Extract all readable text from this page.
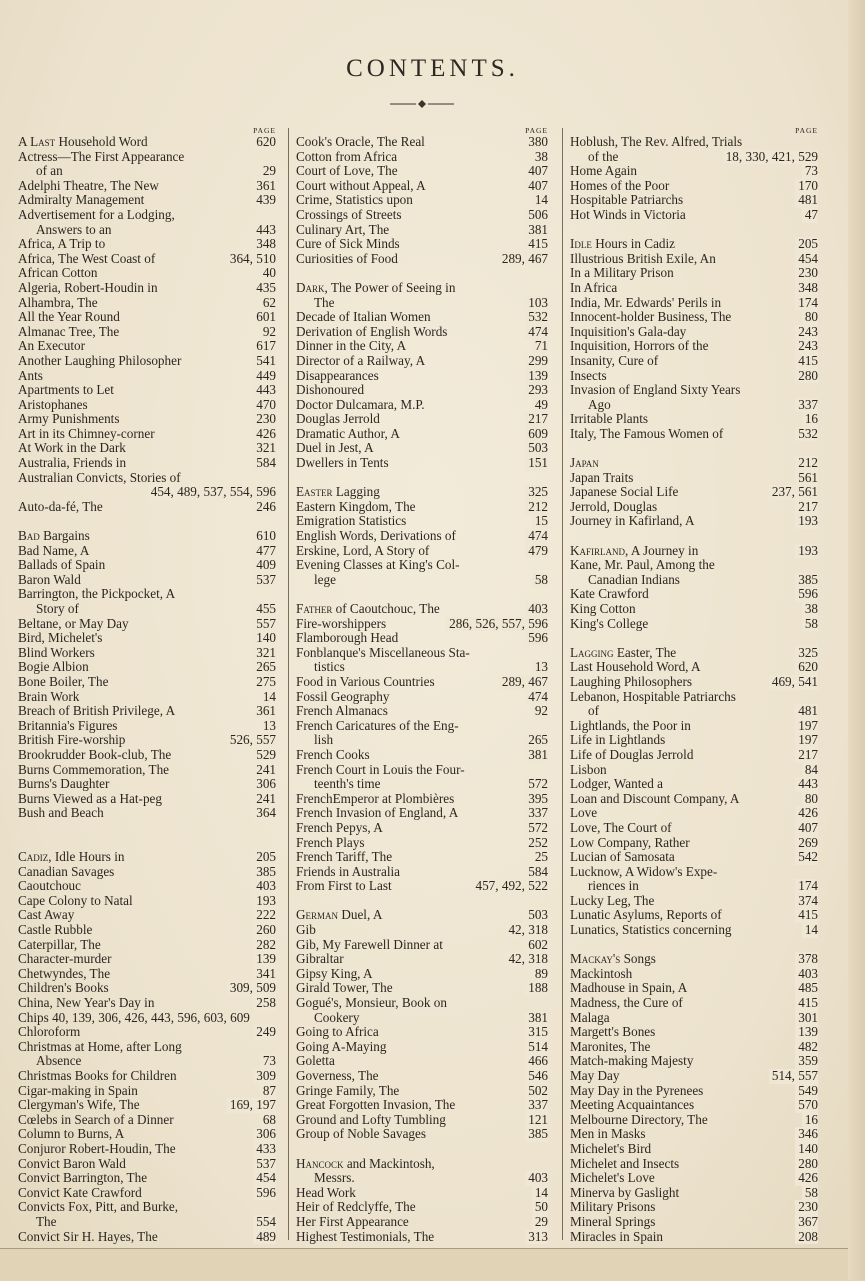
CONTENTS.
PAGE
A Last Household Word	620
Actress—The First Appearance
of an	29
Adelphi Theatre, The New	361
Admiralty Management	439
Advertisement for a Lodging,
Answers to an	443
Africa, A Trip to	348
Africa, The West Coast of	364, 510
African Cotton	40
Algeria, Robert-Houdin in	435
Alhambra, The	62
All the Year Round	601
Almanac Tree, The	92
An Executor	617
Another Laughing Philosopher	541
Ants	449
Apartments to Let	443
Aristophanes	470
Army Punishments	230
Art in its Chimney-corner	426
At Work in the Dark	321
Australia, Friends in	584
Australian Convicts, Stories of
454, 489, 537, 554, 596
Auto-da-fé, The	246
Bad Bargains	610
Bad Name, A	477
Ballads of Spain	409
Baron Wald	537
Barrington, the Pickpocket, A
Story of	455
Beltane, or May Day	557
Bird, Michelet's	140
Blind Workers	321
Bogie Albion	265
Bone Boiler, The	275
Brain Work	14
Breach of British Privilege, A	361
Britannia's Figures	13
British Fire-worship	526, 557
Brookrudder Book-club, The	529
Burns Commemoration, The	241
Burns's Daughter	306
Burns Viewed as a Hat-peg	241
Bush and Beach	364
Cadiz, Idle Hours in	205
Canadian Savages	385
Caoutchouc	403
Cape Colony to Natal	193
Cast Away	222
Castle Rubble	260
Caterpillar, The	282
Character-murder	139
Chetwyndes, The	341
Children's Books	309, 509
China, New Year's Day in	258
Chips 40, 139, 306, 426, 443, 596, 603, 609
Chloroform	249
Christmas at Home, after Long
Absence	73
Christmas Books for Children	309
Cigar-making in Spain	87
Clergyman's Wife, The	169, 197
Cœlebs in Search of a Dinner	68
Column to Burns, A	306
Conjuror Robert-Houdin, The	433
Convict Baron Wald	537
Convict Barrington, The	454
Convict Kate Crawford	596
Convicts Fox, Pitt, and Burke,
The	554
Convict Sir H. Hayes, The	489
PAGE
Cook's Oracle, The Real	380
Cotton from Africa	38
Court of Love, The	407
Court without Appeal, A	407
Crime, Statistics upon	14
Crossings of Streets	506
Culinary Art, The	381
Cure of Sick Minds	415
Curiosities of Food	289, 467
Dark, The Power of Seeing in
The	103
Decade of Italian Women	532
Derivation of English Words	474
Dinner in the City, A	71
Director of a Railway, A	299
Disappearances	139
Dishonoured	293
Doctor Dulcamara, M.P.	49
Douglas Jerrold	217
Dramatic Author, A	609
Duel in Jest, A	503
Dwellers in Tents	151
Easter Lagging	325
Eastern Kingdom, The	212
Emigration Statistics	15
English Words, Derivations of	474
Erskine, Lord, A Story of	479
Evening Classes at King's Col-
lege	58
Father of Caoutchouc, The	403
Fire-worshippers	286, 526, 557, 596
Flamborough Head	596
Fonblanque's Miscellaneous Sta-
tistics	13
Food in Various Countries	289, 467
Fossil Geography	474
French Almanacs	92
French Caricatures of the Eng-
lish	265
French Cooks	381
French Court in Louis the Four-
teenth's time	572
FrenchEmperor at Plombières	395
French Invasion of England, A	337
French Pepys, A	572
French Plays	252
French Tariff, The	25
Friends in Australia	584
From First to Last	457, 492, 522
German Duel, A	503
Gib	42, 318
Gib, My Farewell Dinner at	602
Gibraltar	42, 318
Gipsy King, A	89
Girald Tower, The	188
Gogué's, Monsieur, Book on
Cookery	381
Going to Africa	315
Going A-Maying	514
Goletta	466
Governess, The	546
Gringe Family, The	502
Great Forgotten Invasion, The	337
Ground and Lofty Tumbling	121
Group of Noble Savages	385
Hancock and Mackintosh,
Messrs.	403
Head Work	14
Heir of Redclyffe, The	50
Her First Appearance	29
Highest Testimonials, The	313
PAGE
Hoblush, The Rev. Alfred, Trials
of the	18, 330, 421, 529
Home Again	73
Homes of the Poor	170
Hospitable Patriarchs	481
Hot Winds in Victoria	47
Idle Hours in Cadiz	205
Illustrious British Exile, An	454
In a Military Prison	230
In Africa	348
India, Mr. Edwards' Perils in	174
Innocent-holder Business, The	80
Inquisition's Gala-day	243
Inquisition, Horrors of the	243
Insanity, Cure of	415
Insects	280
Invasion of England Sixty Years
Ago	337
Irritable Plants	16
Italy, The Famous Women of	532
Japan	212
Japan Traits	561
Japanese Social Life	237, 561
Jerrold, Douglas	217
Journey in Kafirland, A	193
Kafirland, A Journey in	193
Kane, Mr. Paul, Among the
Canadian Indians	385
Kate Crawford	596
King Cotton	38
King's College	58
Lagging Easter, The	325
Last Household Word, A	620
Laughing Philosophers	469, 541
Lebanon, Hospitable Patriarchs
of	481
Lightlands, the Poor in	197
Life in Lightlands	197
Life of Douglas Jerrold	217
Lisbon	84
Lodger, Wanted a	443
Loan and Discount Company, A	80
Love	426
Love, The Court of	407
Low Company, Rather	269
Lucian of Samosata	542
Lucknow, A Widow's Expe-
riences in	174
Lucky Leg, The	374
Lunatic Asylums, Reports of	415
Lunatics, Statistics concerning	14
Mackay's Songs	378
Mackintosh	403
Madhouse in Spain, A	485
Madness, the Cure of	415
Malaga	301
Margett's Bones	139
Maronites, The	482
Match-making Majesty	359
May Day	514, 557
May Day in the Pyrenees	549
Meeting Acquaintances	570
Melbourne Directory, The	16
Men in Masks	346
Michelet's Bird	140
Michelet and Insects	280
Michelet's Love	426
Minerva by Gaslight	58
Military Prisons	230
Mineral Springs	367
Miracles in Spain	208
